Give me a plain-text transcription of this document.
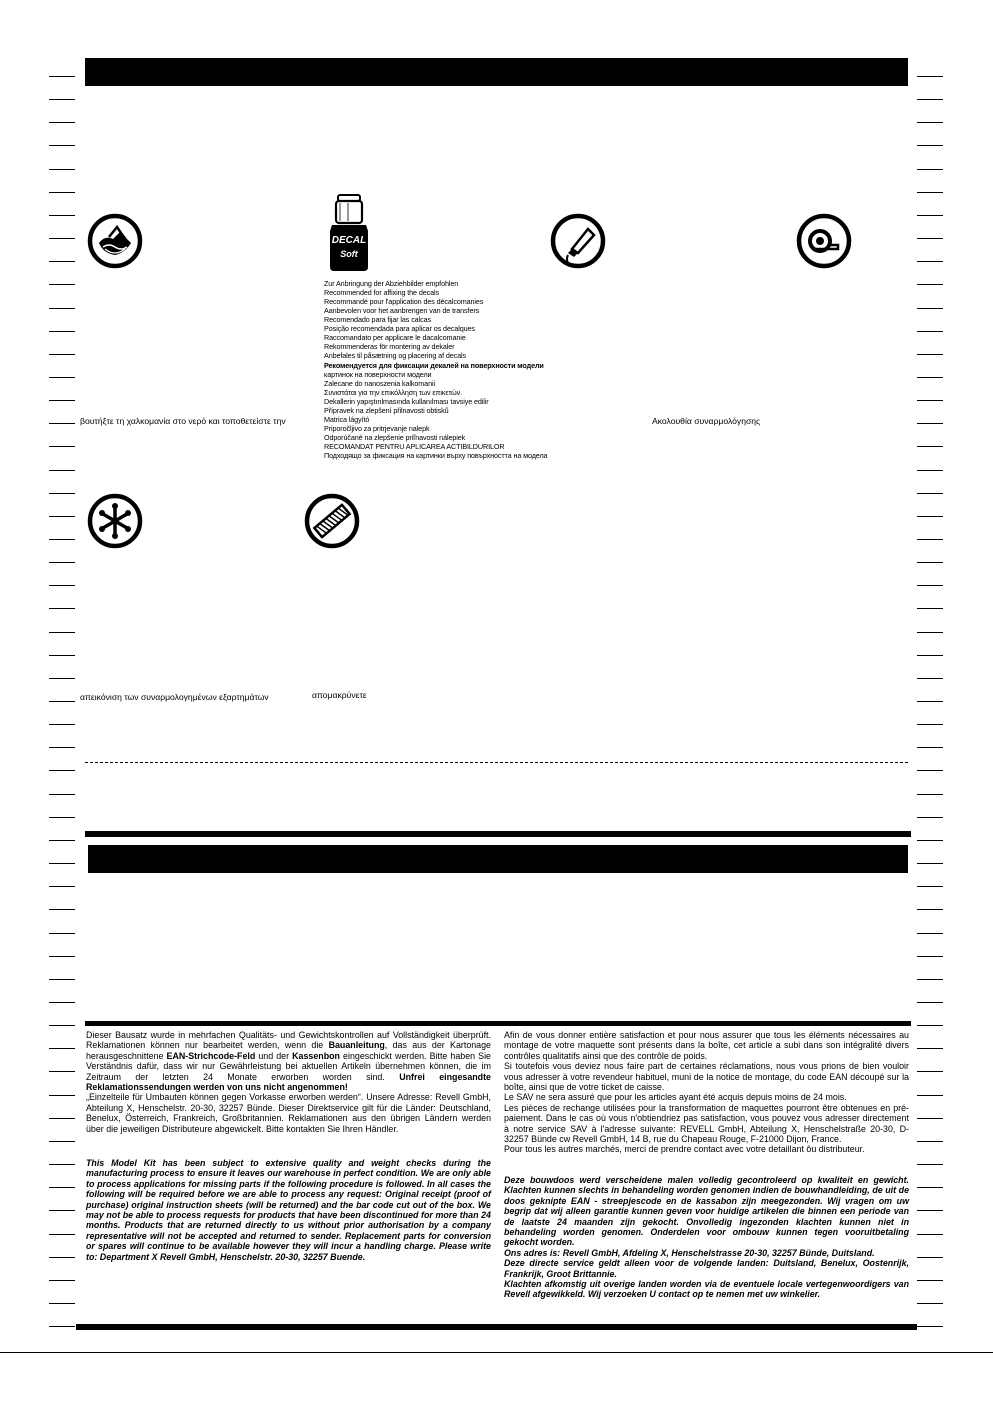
DECAL
Soft
Zur Anbringung der Abziehbilder empfohlen
Recommended for affixing the decals
Recommandé pour l'application des décalcomanies
Aanbevolen voor het aanbrengen van de transfers
Recomendado para fijar las calcas
Posição recomendada para aplicar os decalques
Raccomandato per applicare le dacalcomanie
Rekommenderas för montering av dekaler
Anbefales til påsætning og placering af decals
Рекомендуется для фиксации декалей на поверхности модели
картинок на поверхности модели
Zalecane do nanoszenia kalkomanii
Συνιστάται για την επικόλληση των επικετών.
Dekallerin yapıştırılmasında kullanılması tavsiye edilir
Přípravek na zlepšení přilnavosti obtisků
Matrica lágyító
Priporočljivo za pritrjevanje nalepk
Odporúčané na zlepšenie priľnavosti nálepiek
RECOMANDAT PENTRU APLICAREA ACTIBILDURILOR
Подходящо за фиксация на картинки върху повърхността на модела
βουτήξτε τη χαλκομανία στο νερό και τοποθετείστε την	Ακολουθία συναρμολόγησης
απεικόνιση των συναρμολογημένων εξαρτημάτων	απομακρύνετε

Dieser Bausatz wurde in mehrfachen Qualitäts- und Gewichtskontrollen auf Vollständigkeit überprüft. Reklamationen können nur bearbeitet werden, wenn die Bauanleitung, das aus der Kartonage herausgeschnittene EAN-Strichcode-Feld und der Kassenbon eingeschickt werden. Bitte haben Sie Verständnis dafür, dass wir nur Gewährleistung bei aktuellen Artikeln übernehmen können, die im Zeitraum der letzten 24 Monate erworben worden sind. Unfrei eingesandte Reklamationssendungen werden von uns nicht angenommen!

„Einzelteile für Umbauten können gegen Vorkasse erworben werden“. Unsere Adresse: Revell GmbH, Abteilung X, Henschelstr. 20-30, 32257 Bünde. Dieser Direktservice gilt für die Länder: Deutschland, Benelux, Österreich, Frankreich, Großbritannien. Reklamationen aus den übrigen Ländern werden über die jeweiligen Distributeure abgewickelt. Bitte kontakten Sie Ihren Händler.

This Model Kit has been subject to extensive quality and weight checks during the manufacturing process to ensure it leaves our warehouse in perfect condition. We are only able to process applications for missing parts if the following procedure is followed. In all cases the following will be required before we are able to process any request: Original receipt (proof of purchase) original instruction sheets (will be returned) and the bar code cut out of the box. We may not be able to process requests for products that have been discontinued for more than 24 months. Products that are returned directly to us without prior authorisation by a company representative will not be accepted and returned to sender. Replacement parts for conversion or spares will continue to be available however they will incur a handling charge. Please write to: Department X Revell GmbH, Henschelstr. 20-30, 32257 Buende.

Afin de vous donner entière satisfaction et pour nous assurer que tous les éléments nécessaires au montage de votre maquette sont présents dans la boîte, cet article a subi dans son intégralité divers contrôles qualitatifs ainsi que des contrôle de poids.

Si toutefois vous deviez nous faire part de certaines réclamations, nous vous prions de bien vouloir vous adresser à votre revendeur habituel, muni de la notice de montage, du code EAN découpé sur la boîte, ainsi que de votre ticket de caisse.

Le SAV ne sera assuré que pour les articles ayant été acquis depuis moins de 24 mois.

Les pièces de rechange utilisées pour la transformation de maquettes pourront être obtenues en pré-paiement. Dans le cas où vous n'obtiendriez pas satisfaction, vous pouvez vous adresser directement à notre service SAV à l'adresse suivante: REVELL GmbH, Abteilung X, Henschelstraße 20-30, D-32257 Bünde cw Revell GmbH, 14 B, rue du Chapeau Rouge, F-21000 Dijon, France.

Pour tous les autres marchés, merci de prendre contact avec votre detaillant ôu distributeur.

Deze bouwdoos werd verscheidene malen volledig gecontroleerd op kwaliteit en gewicht. Klachten kunnen slechts in behandeling worden genomen indien de bouwhandleiding, de uit de doos geknipte EAN - streepjescode en de kassabon zijn meegezonden. Wij vragen om uw begrip dat wij alleen garantie kunnen geven voor huidige artikelen die binnen een periode van de laatste 24 maanden zijn gekocht. Onvolledig ingezonden klachten kunnen niet in behandeling worden genomen. Onderdelen voor ombouw kunnen tegen vooruitbetaling gekocht worden.

Ons adres is: Revell GmbH, Afdeling X, Henschelstrasse 20-30, 32257 Bünde, Duitsland.

Deze directe service geldt alleen voor de volgende landen: Duitsland, Benelux, Oostenrijk, Frankrijk, Groot Brittannie.

Klachten afkomstig uit overige landen worden via de eventuele locale vertegenwoordigers van Revell afgewikkeld. Wij verzoeken U contact op te nemen met uw winkelier.
